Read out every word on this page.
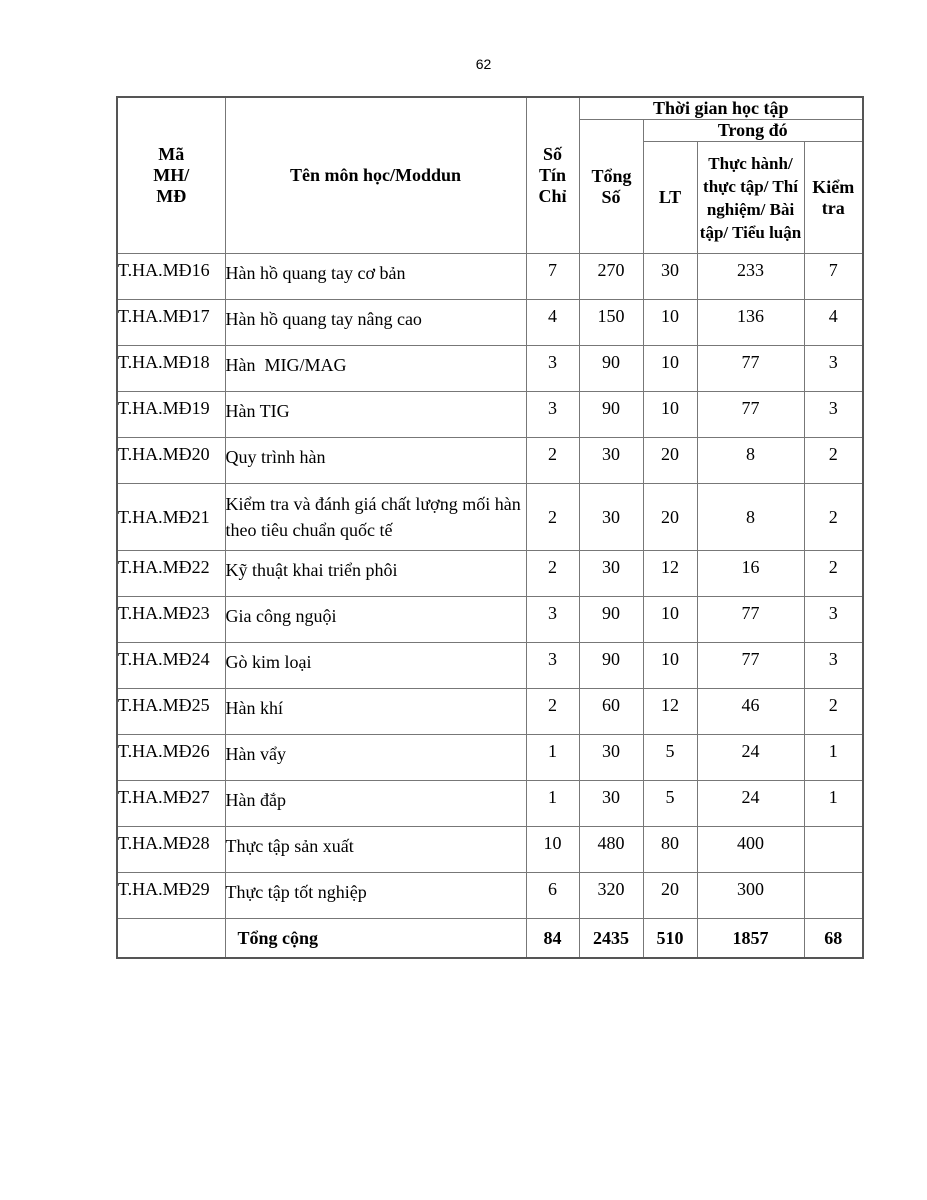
62
Mã MH/ MĐ	Tên môn học/Moddun	Số Tín Chỉ	Thời gian học tập			
			Tổng Số	Trong đó		
				LT	Thực hành/ thực tập/ Thí nghiệm/ Bài tập/ Tiểu luận	Kiểm tra
T.HA.MĐ16	Hàn hồ quang tay cơ bản	7	270	30	233	7
T.HA.MĐ17	Hàn hồ quang tay nâng cao	4	150	10	136	4
T.HA.MĐ18	Hàn  MIG/MAG	3	90	10	77	3
T.HA.MĐ19	Hàn TIG	3	90	10	77	3
T.HA.MĐ20	Quy trình hàn	2	30	20	8	2
T.HA.MĐ21	Kiểm tra và đánh giá chất lượng mối hàn theo tiêu chuẩn quốc tế	2	30	20	8	2
T.HA.MĐ22	Kỹ thuật khai triển phôi	2	30	12	16	2
T.HA.MĐ23	Gia công nguội	3	90	10	77	3
T.HA.MĐ24	Gò kim loại	3	90	10	77	3
T.HA.MĐ25	Hàn khí	2	60	12	46	2
T.HA.MĐ26	Hàn vẩy	1	30	5	24	1
T.HA.MĐ27	Hàn đắp	1	30	5	24	1
T.HA.MĐ28	Thực tập sản xuất	10	480	80	400	
T.HA.MĐ29	Thực tập tốt nghiệp	6	320	20	300	
	Tổng cộng	84	2435	510	1857	68
